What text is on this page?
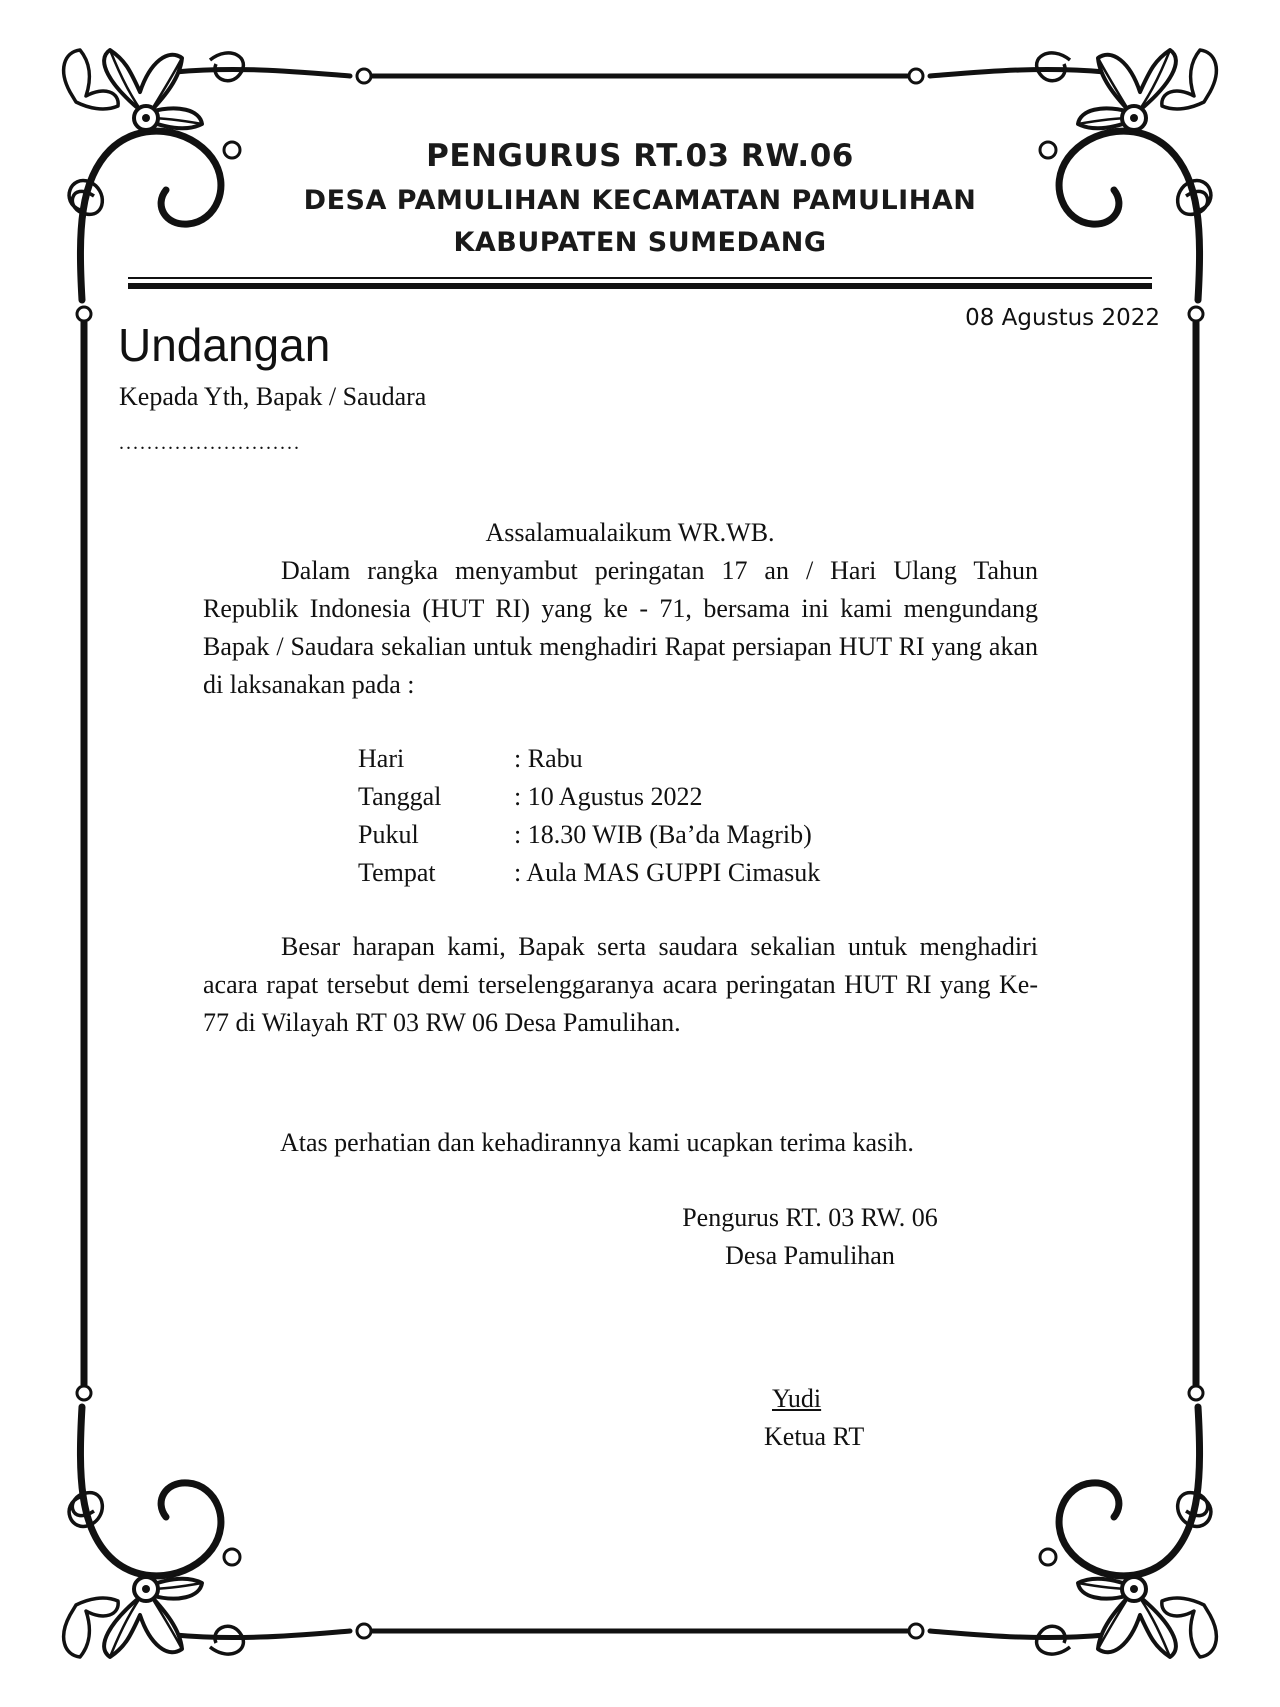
PENGURUS RT.03 RW.06
DESA PAMULIHAN KECAMATAN PAMULIHAN
KABUPATEN SUMEDANG
08 Agustus 2022
Undangan
Kepada Yth, Bapak / Saudara
..........................
Assalamualaikum WR.WB.
Dalam rangka menyambut peringatan 17 an / Hari Ulang Tahun Republik Indonesia (HUT RI) yang ke - 71, bersama ini kami mengundang Bapak / Saudara sekalian untuk menghadiri Rapat persiapan HUT RI yang akan di laksanakan pada :
Hari	: Rabu
Tanggal	: 10 Agustus 2022
Pukul	: 18.30 WIB (Ba’da Magrib)
Tempat	: Aula MAS GUPPI Cimasuk
Besar harapan kami, Bapak serta saudara sekalian untuk menghadiri acara rapat tersebut demi terselenggaranya acara peringatan HUT RI yang Ke-77 di Wilayah RT 03 RW 06 Desa Pamulihan.
Atas perhatian dan kehadirannya kami ucapkan terima kasih.
Pengurus RT. 03 RW. 06
Desa Pamulihan
Yudi
Ketua RT
